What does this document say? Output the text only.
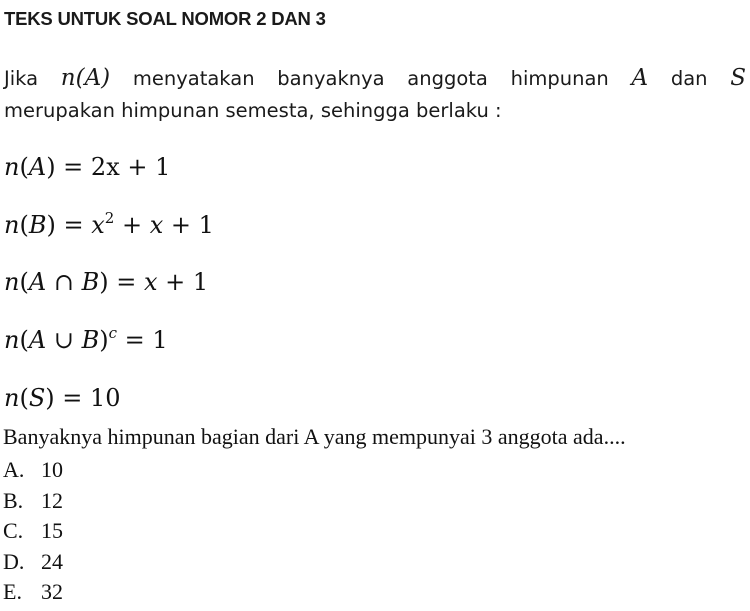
TEKS UNTUK SOAL NOMOR 2 DAN 3
Jika n(A) menyatakan banyaknya anggota himpunan A dan S
merupakan himpunan semesta, sehingga berlaku :
n(A) = 2x + 1
$n(B) = x^2 + x + 1$
n(A ∩ B) = x + 1
n(A ∪ B)$^c$ = 1
n(S) = 10
Banyaknya himpunan bagian dari A yang mempunyai 3 anggota ada....
A. 10
B. 12
C. 15
D. 24
E. 32
